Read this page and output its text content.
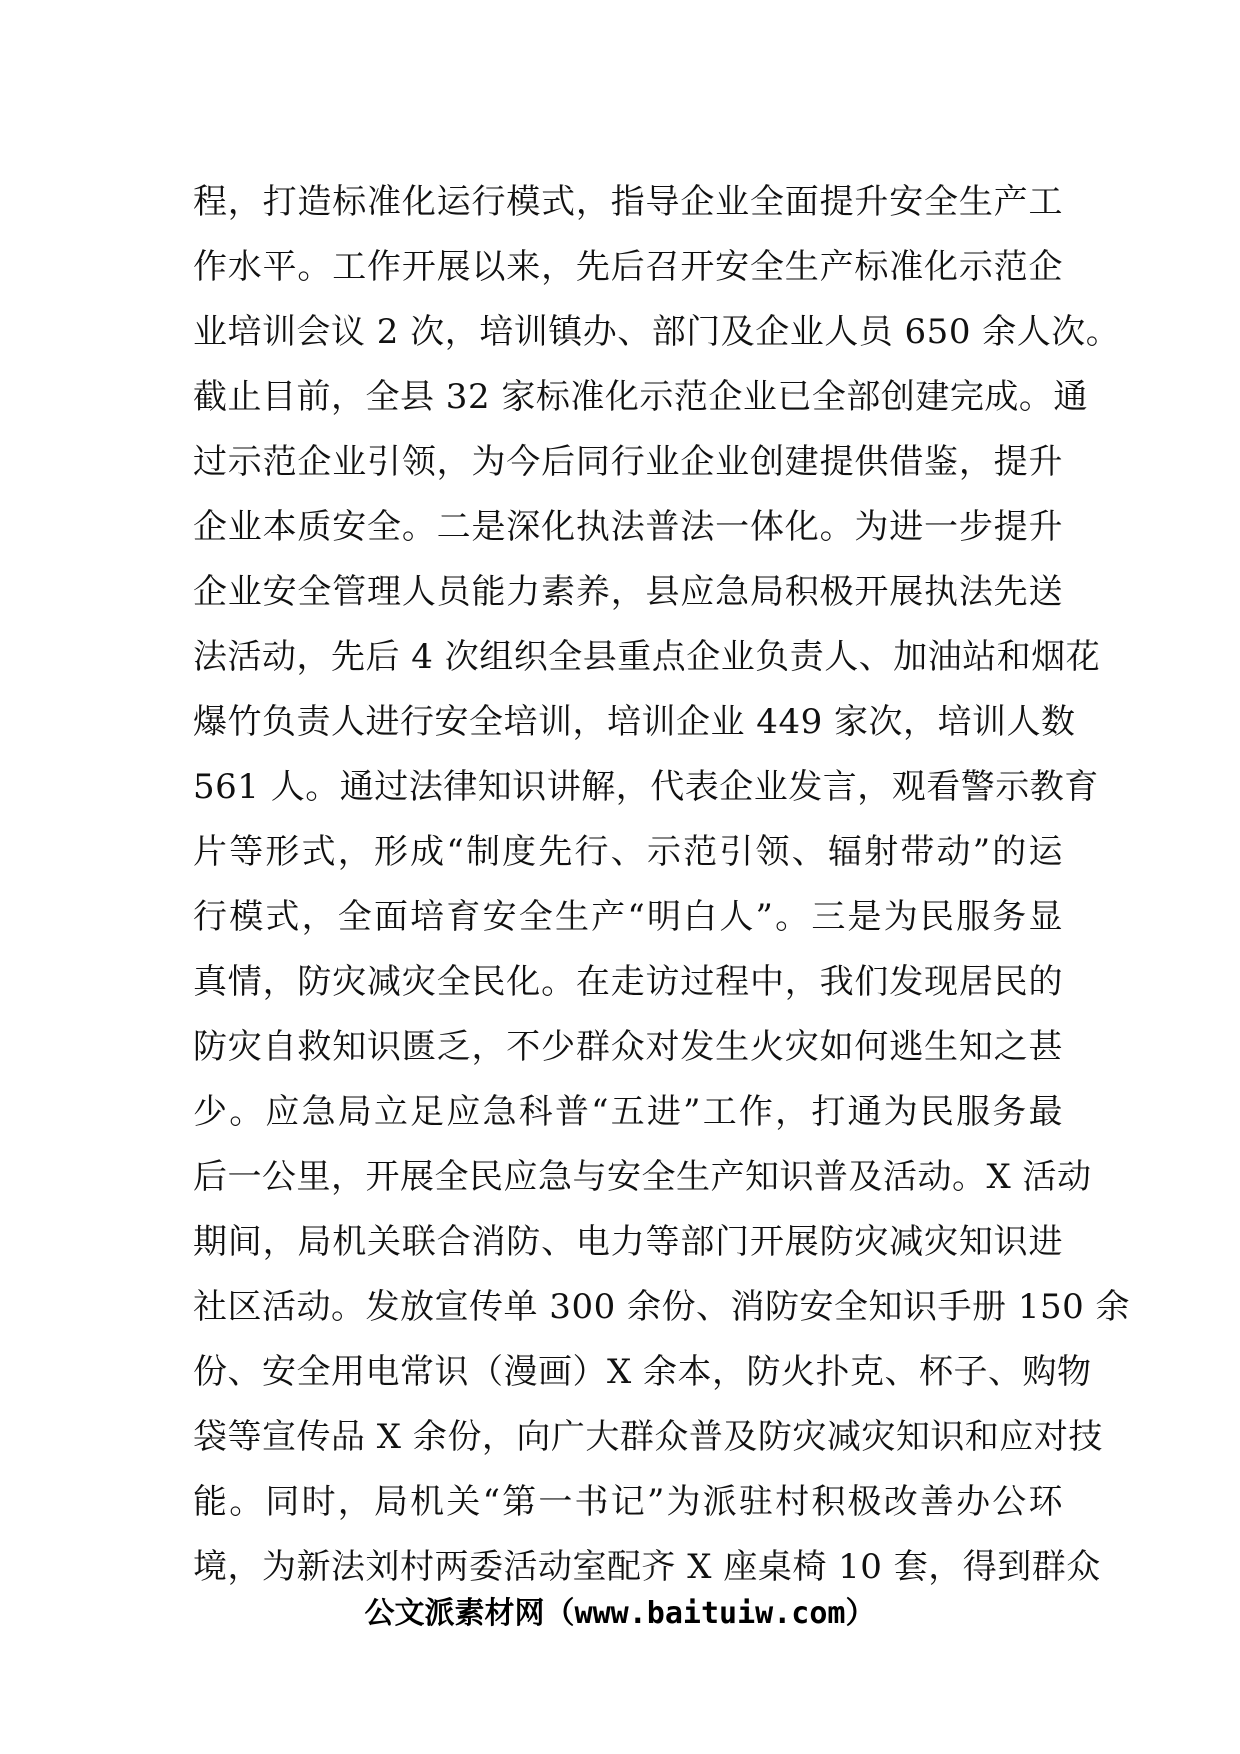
程，打造标准化运行模式，指导企业全面提升安全生产工
作水平。工作开展以来，先后召开安全生产标准化示范企
业培训会议 2 次，培训镇办、部门及企业人员 650 余人次。
截止目前，全县 32 家标准化示范企业已全部创建完成。通
过示范企业引领，为今后同行业企业创建提供借鉴，提升
企业本质安全。二是深化执法普法一体化。为进一步提升
企业安全管理人员能力素养，县应急局积极开展执法先送
法活动，先后 4 次组织全县重点企业负责人、加油站和烟花
爆竹负责人进行安全培训，培训企业 449 家次，培训人数
561 人。通过法律知识讲解，代表企业发言，观看警示教育
片等形式，形成“制度先行、示范引领、辐射带动”的运
行模式，全面培育安全生产“明白人”。三是为民服务显
真情，防灾减灾全民化。在走访过程中，我们发现居民的
防灾自救知识匮乏，不少群众对发生火灾如何逃生知之甚
少。应急局立足应急科普“五进”工作，打通为民服务最
后一公里，开展全民应急与安全生产知识普及活动。X 活动
期间，局机关联合消防、电力等部门开展防灾减灾知识进
社区活动。发放宣传单 300 余份、消防安全知识手册 150 余
份、安全用电常识（漫画）X 余本，防火扑克、杯子、购物
袋等宣传品 X 余份，向广大群众普及防灾减灾知识和应对技
能。同时，局机关“第一书记”为派驻村积极改善办公环
境，为新法刘村两委活动室配齐 X 座桌椅 10 套，得到群众
公文派素材网（www.baituiw.com）
